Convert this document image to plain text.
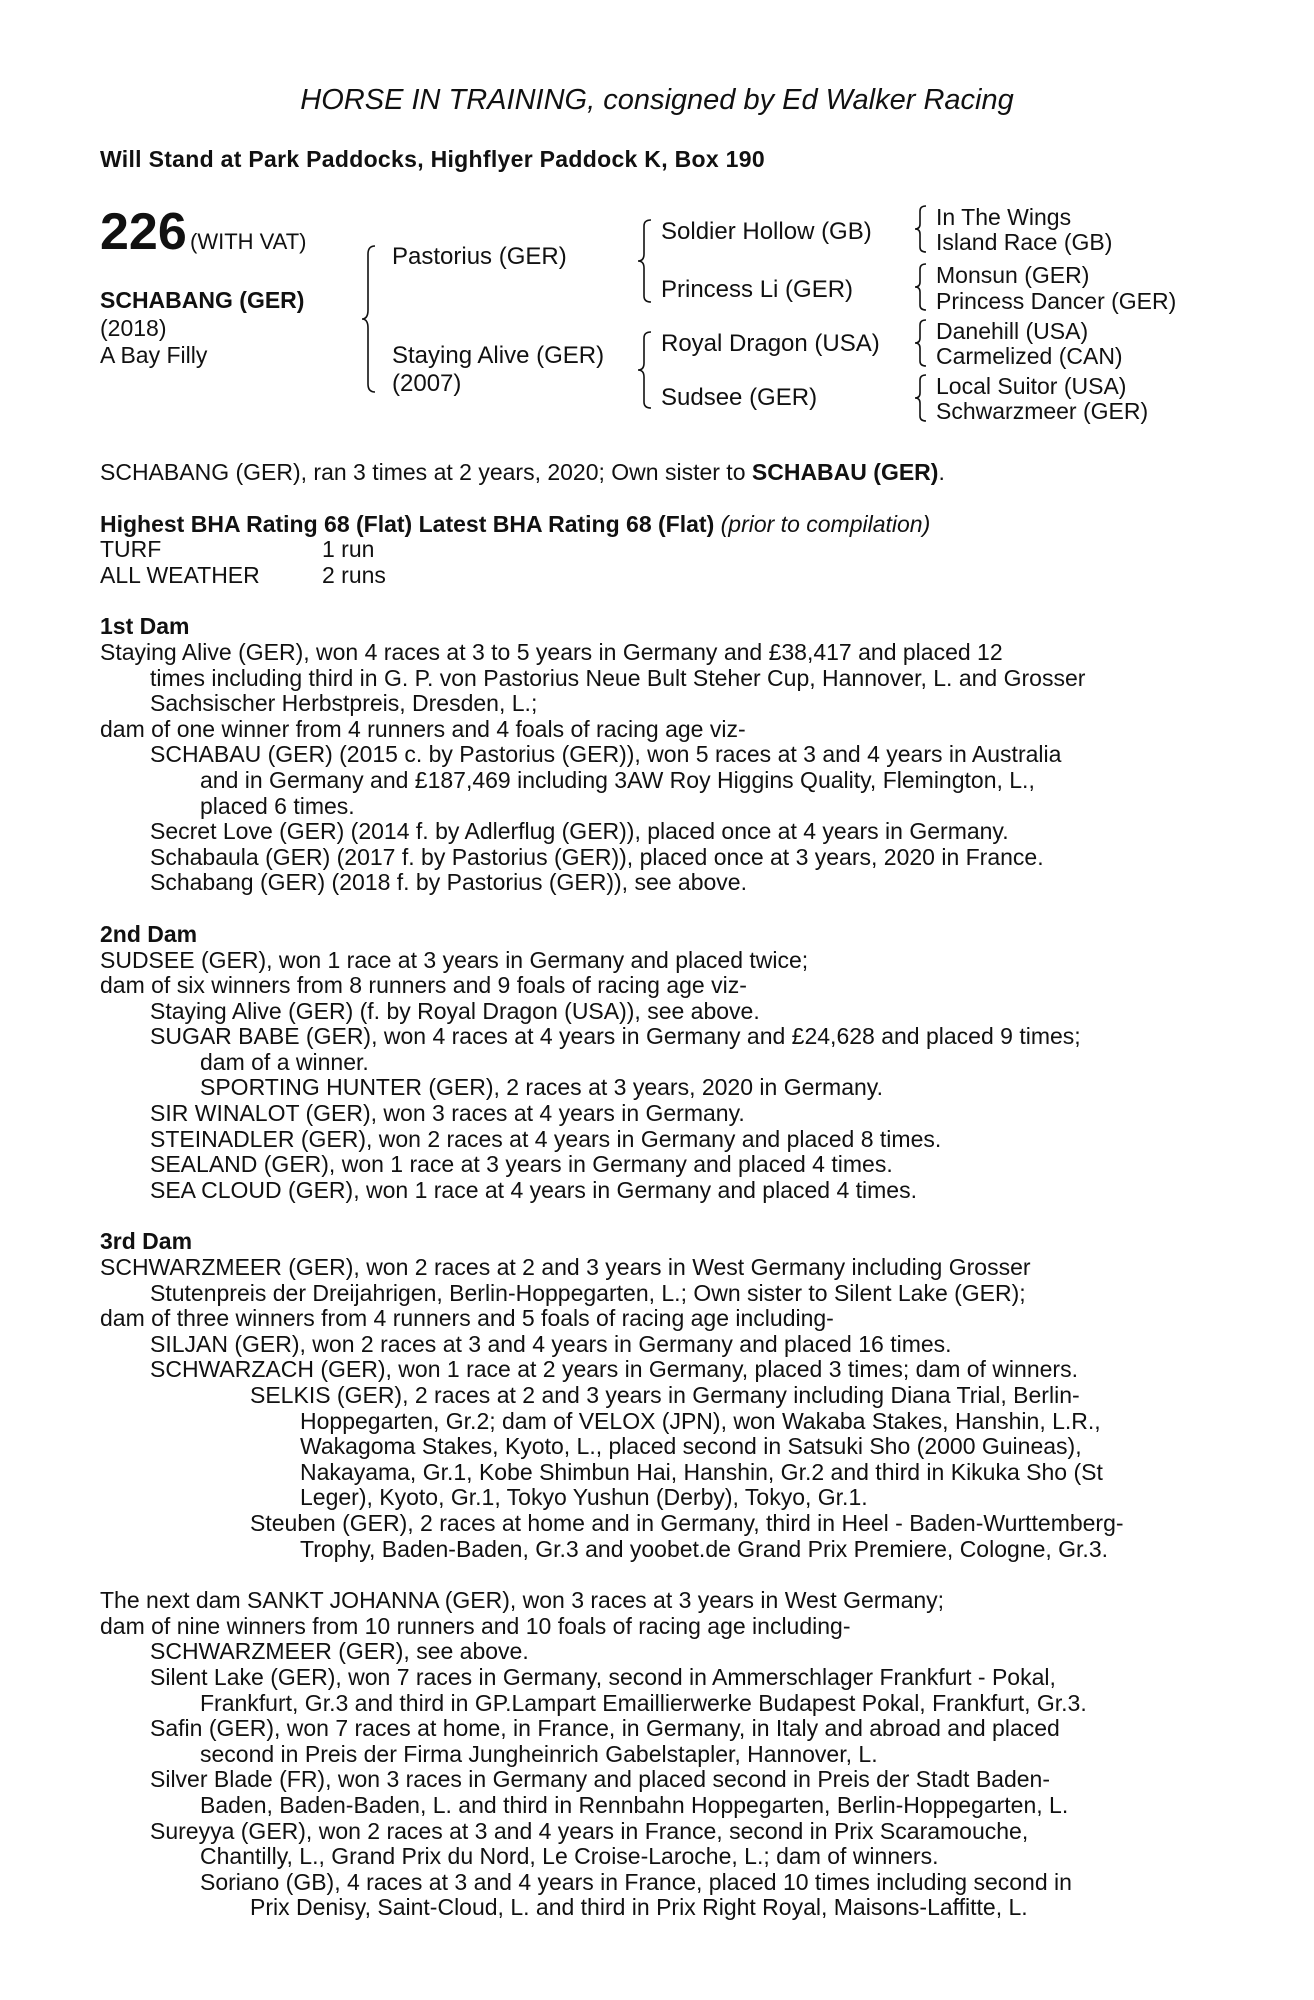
HORSE IN TRAINING, consigned by Ed Walker Racing
Will Stand at Park Paddocks, Highflyer Paddock K, Box 190
226 (WITH VAT)
SCHABANG (GER)
(2018)
A Bay Filly
Pastorius (GER)
Staying Alive (GER)
(2007)
Soldier Hollow (GB)
Princess Li (GER)
Royal Dragon (USA)
Sudsee (GER)
In The Wings
Island Race (GB)
Monsun (GER)
Princess Dancer (GER)
Danehill (USA)
Carmelized (CAN)
Local Suitor (USA)
Schwarzmeer (GER)
SCHABANG (GER), ran 3 times at 2 years, 2020; Own sister to SCHABAU (GER).
Highest BHA Rating 68 (Flat) Latest BHA Rating 68 (Flat) (prior to compilation)
TURF	1 run
ALL WEATHER	2 runs
1st Dam
Staying Alive (GER), won 4 races at 3 to 5 years in Germany and £38,417 and placed 12
times including third in G. P. von Pastorius Neue Bult Steher Cup, Hannover, L. and Grosser
Sachsischer Herbstpreis, Dresden, L.;
dam of one winner from 4 runners and 4 foals of racing age viz-
SCHABAU (GER) (2015 c. by Pastorius (GER)), won 5 races at 3 and 4 years in Australia
and in Germany and £187,469 including 3AW Roy Higgins Quality, Flemington, L.,
placed 6 times.
Secret Love (GER) (2014 f. by Adlerflug (GER)), placed once at 4 years in Germany.
Schabaula (GER) (2017 f. by Pastorius (GER)), placed once at 3 years, 2020 in France.
Schabang (GER) (2018 f. by Pastorius (GER)), see above.
2nd Dam
SUDSEE (GER), won 1 race at 3 years in Germany and placed twice;
dam of six winners from 8 runners and 9 foals of racing age viz-
Staying Alive (GER) (f. by Royal Dragon (USA)), see above.
SUGAR BABE (GER), won 4 races at 4 years in Germany and £24,628 and placed 9 times;
dam of a winner.
SPORTING HUNTER (GER), 2 races at 3 years, 2020 in Germany.
SIR WINALOT (GER), won 3 races at 4 years in Germany.
STEINADLER (GER), won 2 races at 4 years in Germany and placed 8 times.
SEALAND (GER), won 1 race at 3 years in Germany and placed 4 times.
SEA CLOUD (GER), won 1 race at 4 years in Germany and placed 4 times.
3rd Dam
SCHWARZMEER (GER), won 2 races at 2 and 3 years in West Germany including Grosser
Stutenpreis der Dreijahrigen, Berlin-Hoppegarten, L.; Own sister to Silent Lake (GER);
dam of three winners from 4 runners and 5 foals of racing age including-
SILJAN (GER), won 2 races at 3 and 4 years in Germany and placed 16 times.
SCHWARZACH (GER), won 1 race at 2 years in Germany, placed 3 times; dam of winners.
SELKIS (GER), 2 races at 2 and 3 years in Germany including Diana Trial, Berlin-
Hoppegarten, Gr.2; dam of VELOX (JPN), won Wakaba Stakes, Hanshin, L.R.,
Wakagoma Stakes, Kyoto, L., placed second in Satsuki Sho (2000 Guineas),
Nakayama, Gr.1, Kobe Shimbun Hai, Hanshin, Gr.2 and third in Kikuka Sho (St
Leger), Kyoto, Gr.1, Tokyo Yushun (Derby), Tokyo, Gr.1.
Steuben (GER), 2 races at home and in Germany, third in Heel - Baden-Wurttemberg-
Trophy, Baden-Baden, Gr.3 and yoobet.de Grand Prix Premiere, Cologne, Gr.3.
The next dam SANKT JOHANNA (GER), won 3 races at 3 years in West Germany;
dam of nine winners from 10 runners and 10 foals of racing age including-
SCHWARZMEER (GER), see above.
Silent Lake (GER), won 7 races in Germany, second in Ammerschlager Frankfurt - Pokal,
Frankfurt, Gr.3 and third in GP.Lampart Emaillierwerke Budapest Pokal, Frankfurt, Gr.3.
Safin (GER), won 7 races at home, in France, in Germany, in Italy and abroad and placed
second in Preis der Firma Jungheinrich Gabelstapler, Hannover, L.
Silver Blade (FR), won 3 races in Germany and placed second in Preis der Stadt Baden-
Baden, Baden-Baden, L. and third in Rennbahn Hoppegarten, Berlin-Hoppegarten, L.
Sureyya (GER), won 2 races at 3 and 4 years in France, second in Prix Scaramouche,
Chantilly, L., Grand Prix du Nord, Le Croise-Laroche, L.; dam of winners.
Soriano (GB), 4 races at 3 and 4 years in France, placed 10 times including second in
Prix Denisy, Saint-Cloud, L. and third in Prix Right Royal, Maisons-Laffitte, L.
